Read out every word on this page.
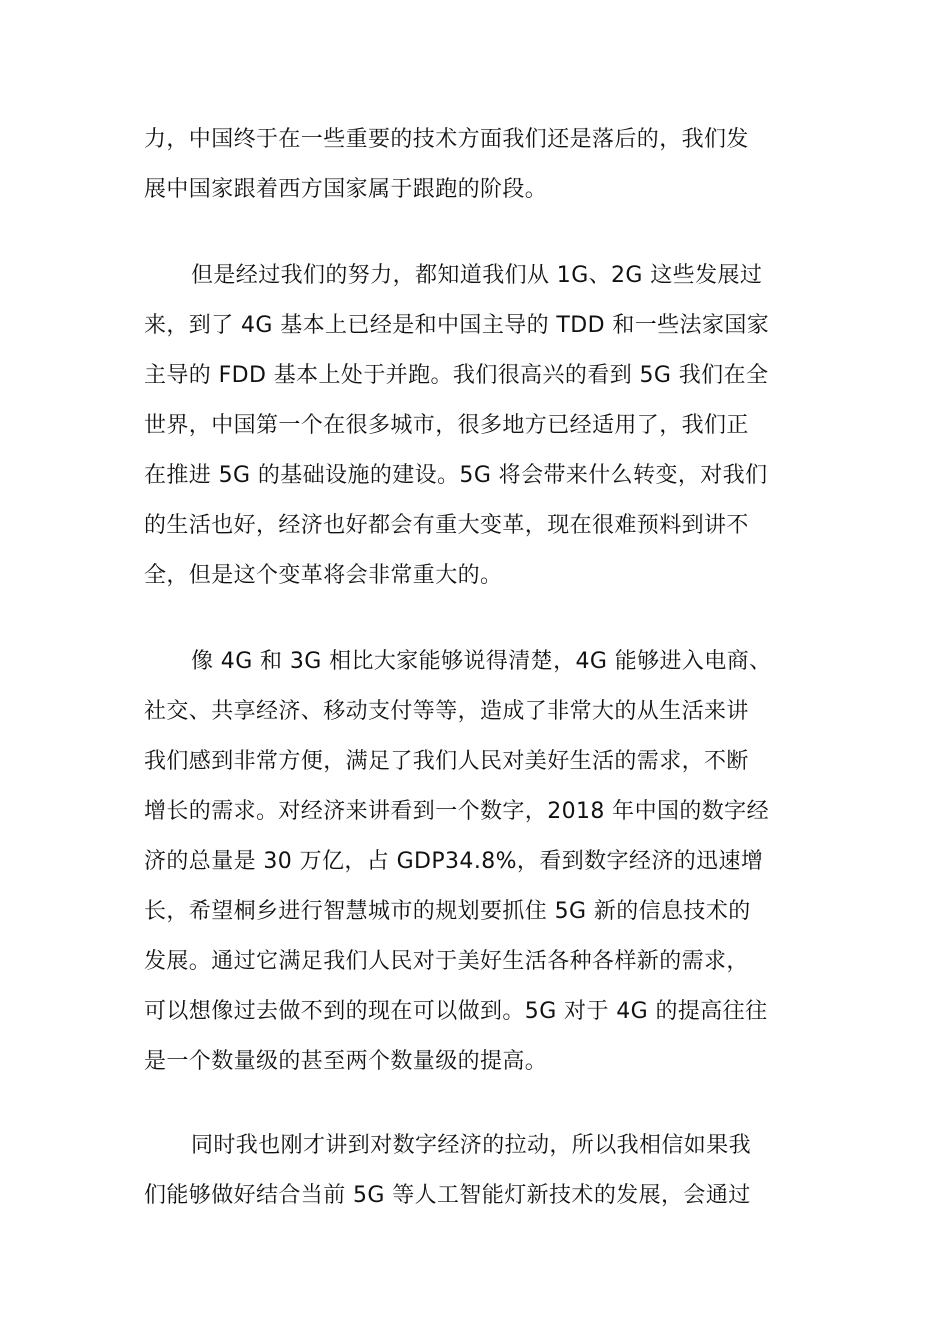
力，中国终于在一些重要的技术方面我们还是落后的，我们发
展中国家跟着西方国家属于跟跑的阶段。
但是经过我们的努力，都知道我们从 1G、2G 这些发展过
来，到了 4G 基本上已经是和中国主导的 TDD 和一些法家国家
主导的 FDD 基本上处于并跑。我们很高兴的看到 5G 我们在全
世界，中国第一个在很多城市，很多地方已经适用了，我们正
在推进 5G 的基础设施的建设。5G 将会带来什么转变，对我们
的生活也好，经济也好都会有重大变革，现在很难预料到讲不
全，但是这个变革将会非常重大的。
像 4G 和 3G 相比大家能够说得清楚，4G 能够进入电商、
社交、共享经济、移动支付等等，造成了非常大的从生活来讲
我们感到非常方便，满足了我们人民对美好生活的需求，不断
增长的需求。对经济来讲看到一个数字，2018 年中国的数字经
济的总量是 30 万亿，占 GDP34.8%，看到数字经济的迅速增
长，希望桐乡进行智慧城市的规划要抓住 5G 新的信息技术的
发展。通过它满足我们人民对于美好生活各种各样新的需求，
可以想像过去做不到的现在可以做到。5G 对于 4G 的提高往往
是一个数量级的甚至两个数量级的提高。
同时我也刚才讲到对数字经济的拉动，所以我相信如果我
们能够做好结合当前 5G 等人工智能灯新技术的发展，会通过
